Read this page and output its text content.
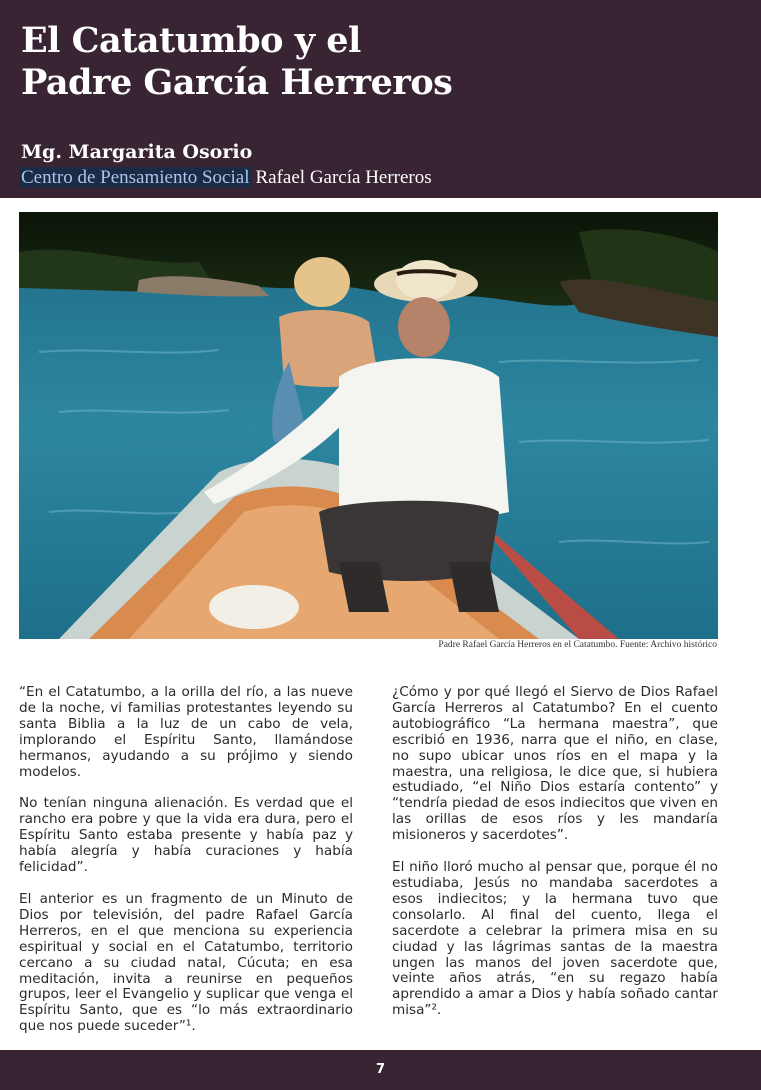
El Catatumbo y el
Padre García Herreros
Mg. Margarita Osorio
Centro de Pensamiento Social Rafael García Herreros
Padre Rafael García Herreros en el Catatumbo. Fuente: Archivo histórico

“En el Catatumbo, a la orilla del río, a las nueve de la noche, vi familias protestantes leyendo su santa Biblia a la luz de un cabo de vela, implorando el Espíritu Santo, llamándose hermanos, ayudando a su prójimo y siendo modelos.

No tenían ninguna alienación. Es verdad que el rancho era pobre y que la vida era dura, pero el Espíritu Santo estaba presente y había paz y había alegría y había curaciones y había felicidad”.

El anterior es un fragmento de un Minuto de Dios por televisión, del padre Rafael García Herreros, en el que menciona su experiencia espiritual y social en el Catatumbo, territorio cercano a su ciudad natal, Cúcuta; en esa meditación, invita a reunirse en pequeños grupos, leer el Evangelio y suplicar que venga el Espíritu Santo, que es “lo más extraordinario que nos puede suceder”¹.

¿Cómo y por qué llegó el Siervo de Dios Rafael García Herreros al Catatumbo? En el cuento autobiográfico “La hermana maestra”, que escribió en 1936, narra que el niño, en clase, no supo ubicar unos ríos en el mapa y la maestra, una religiosa, le dice que, si hubiera estudiado, “el Niño Dios estaría contento” y “tendría piedad de esos indiecitos que viven en las orillas de esos ríos y les mandaría misioneros y sacerdotes”.

El niño lloró mucho al pensar que, porque él no estudiaba, Jesús no mandaba sacerdotes a esos indiecitos; y la hermana tuvo que consolarlo. Al final del cuento, llega el sacerdote a celebrar la primera misa en su ciudad y las lágrimas santas de la maestra ungen las manos del joven sacerdote que, veinte años atrás, “en su regazo había aprendido a amar a Dios y había soñado cantar misa”².

7
